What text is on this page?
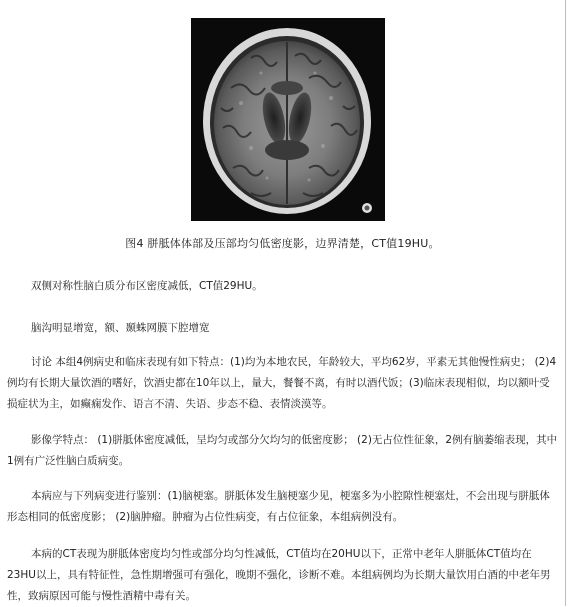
图4 胼胝体体部及压部均匀低密度影，边界清楚，CT值19HU。

双侧对称性脑白质分布区密度减低，CT值29HU。

脑沟明显增宽，额、颞蛛网膜下腔增宽

讨论 本组4例病史和临床表现有如下特点：(1)均为本地农民，年龄较大，平均62岁，平素无其他慢性病史； (2)4例均有长期大量饮酒的嗜好，饮酒史都在10年以上，量大，餐餐不离，有时以酒代饭；(3)临床表现相似，均以额叶受损症状为主，如癫痫发作、语言不清、失语、步态不稳、表情淡漠等。

影像学特点： (1)胼胝体密度减低，呈均匀或部分欠均匀的低密度影； (2)无占位性征象，2例有脑萎缩表现，其中1例有广泛性脑白质病变。

本病应与下列病变进行鉴别：(1)脑梗塞。胼胝体发生脑梗塞少见，梗塞多为小腔隙性梗塞灶，不会出现与胼胝体形态相同的低密度影； (2)脑肿瘤。肿瘤为占位性病变，有占位征象，本组病例没有。

本病的CT表现为胼胝体密度均匀性或部分均匀性减低，CT值均在20HU以下，正常中老年人胼胝体CT值均在23HU以上，具有特征性，急性期增强可有强化，晚期不强化，诊断不难。本组病例均为长期大量饮用白酒的中老年男性，致病原因可能与慢性酒精中毒有关。
